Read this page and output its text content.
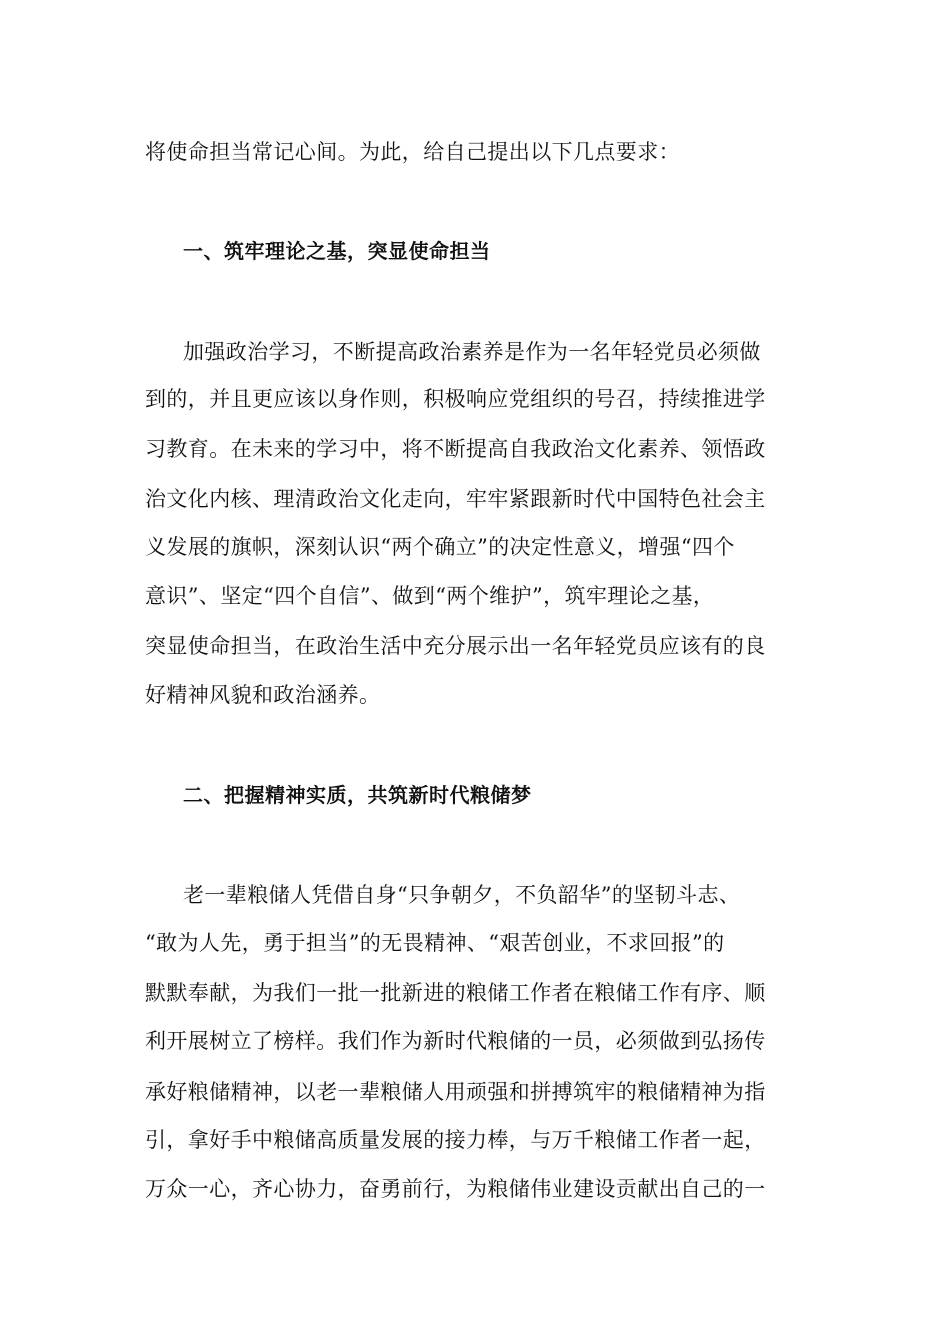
将使命担当常记心间。为此，给自己提出以下几点要求：
一、筑牢理论之基，突显使命担当
加强政治学习，不断提高政治素养是作为一名年轻党员必须做
到的，并且更应该以身作则，积极响应党组织的号召，持续推进学
习教育。在未来的学习中，将不断提高自我政治文化素养、领悟政
治文化内核、理清政治文化走向，牢牢紧跟新时代中国特色社会主
义发展的旗帜，深刻认识“两个确立”的决定性意义，增强“四个
意识”、坚定“四个自信”、做到“两个维护”，筑牢理论之基，
突显使命担当，在政治生活中充分展示出一名年轻党员应该有的良
好精神风貌和政治涵养。
二、把握精神实质，共筑新时代粮储梦
老一辈粮储人凭借自身“只争朝夕，不负韶华”的坚韧斗志、
“敢为人先，勇于担当”的无畏精神、“艰苦创业，不求回报”的
默默奉献，为我们一批一批新进的粮储工作者在粮储工作有序、顺
利开展树立了榜样。我们作为新时代粮储的一员，必须做到弘扬传
承好粮储精神，以老一辈粮储人用顽强和拼搏筑牢的粮储精神为指
引，拿好手中粮储高质量发展的接力棒，与万千粮储工作者一起，
万众一心，齐心协力，奋勇前行，为粮储伟业建设贡献出自己的一
